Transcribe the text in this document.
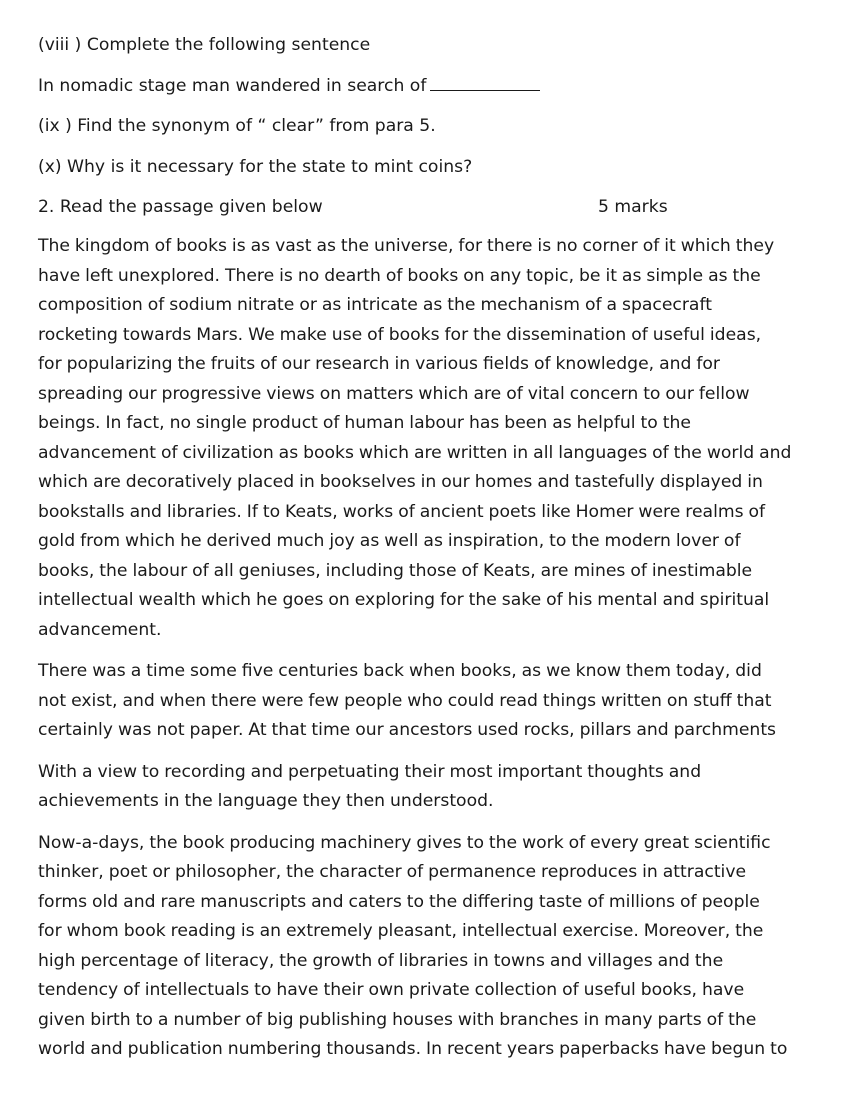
(viii ) Complete the following sentence
In nomadic stage man wandered in search of
(ix ) Find the synonym of “ clear” from para 5.
(x) Why is it necessary for the state to mint coins?
2. Read the passage given below	5 marks

The kingdom of books is as vast as the universe, for there is no corner of it which they
have left unexplored. There is no dearth of books on any topic, be it as simple as the
composition of sodium nitrate or as intricate as the mechanism of a spacecraft
rocketing towards Mars. We make use of books for the dissemination of useful ideas,
for popularizing the fruits of our research in various fields of knowledge, and for
spreading our progressive views on matters which are of vital concern to our fellow
beings. In fact, no single product of human labour has been as helpful to the
advancement of civilization as books which are written in all languages of the world and
which are decoratively placed in bookselves in our homes and tastefully displayed in
bookstalls and libraries. If to Keats, works of ancient poets like Homer were realms of
gold from which he derived much joy as well as inspiration, to the modern lover of
books, the labour of all geniuses, including those of Keats, are mines of inestimable
intellectual wealth which he goes on exploring for the sake of his mental and spiritual
advancement.

There was a time some five centuries back when books, as we know them today, did
not exist, and when there were few people who could read things written on stuff that
certainly was not paper. At that time our ancestors used rocks, pillars and parchments

With a view to recording and perpetuating their most important thoughts and
achievements in the language they then understood.

Now-a-days, the book producing machinery gives to the work of every great scientific
thinker, poet or philosopher, the character of permanence reproduces in attractive
forms old and rare manuscripts and caters to the differing taste of millions of people
for whom book reading is an extremely pleasant, intellectual exercise. Moreover, the
high percentage of literacy, the growth of libraries in towns and villages and the
tendency of intellectuals to have their own private collection of useful books, have
given birth to a number of big publishing houses with branches in many parts of the
world and publication numbering thousands. In recent years paperbacks have begun to
